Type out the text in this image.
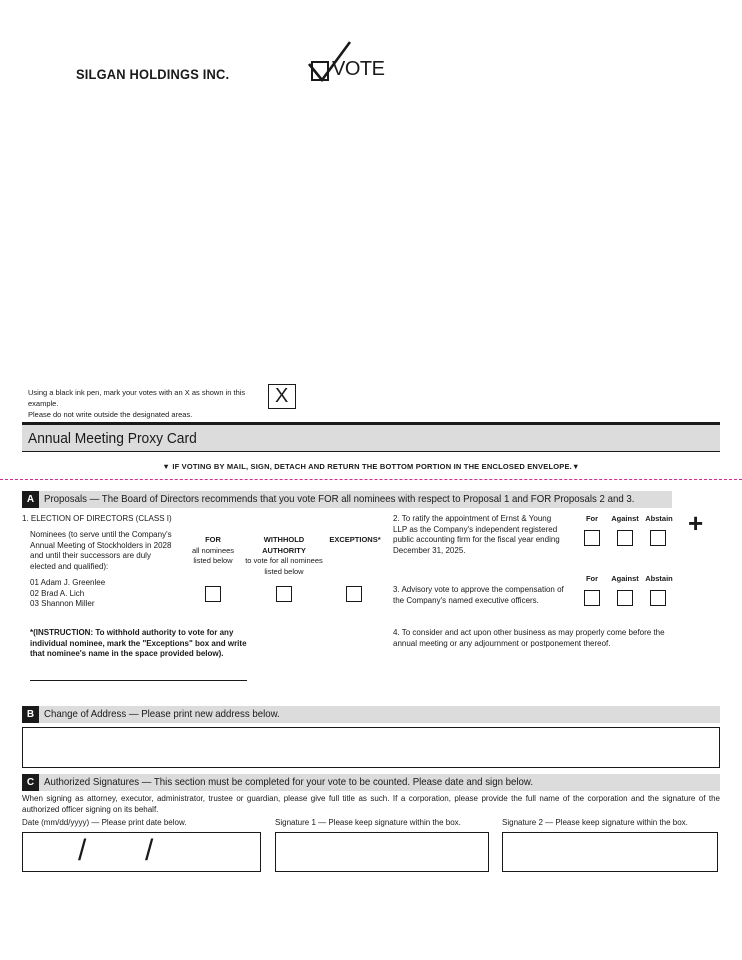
SILGAN HOLDINGS INC.	VOTE
Using a black ink pen, mark your votes with an X as shown in this example.
Please do not write outside the designated areas.
X
Annual Meeting Proxy Card
▼ IF VOTING BY MAIL, SIGN, DETACH AND RETURN THE BOTTOM PORTION IN THE ENCLOSED ENVELOPE.▼
+
A Proposals — The Board of Directors recommends that you vote FOR all nominees with respect to Proposal 1 and FOR Proposals 2 and 3.
1. ELECTION OF DIRECTORS (CLASS I)
Nominees (to serve until the Company's Annual Meeting of Stockholders in 2028 and until their successors are duly elected and qualified):
01 Adam J. Greenlee
02 Brad A. Lich
03 Shannon Miller
FOR
all nominees listed below
WITHHOLD AUTHORITY
to vote for all nominees listed below
EXCEPTIONS*
*(INSTRUCTION: To withhold authority to vote for any individual nominee, mark the "Exceptions" box and write that nominee's name in the space provided below).
2. To ratify the appointment of Ernst & Young LLP as the Company's independent registered public accounting firm for the fiscal year ending December 31, 2025.
For	Against Abstain
3. Advisory vote to approve the compensation of the Company's named executive officers.
For	Against Abstain
4. To consider and act upon other business as may properly come before the annual meeting or any adjournment or postponement thereof.
B Change of Address — Please print new address below.
C Authorized Signatures — This section must be completed for your vote to be counted. Please date and sign below.
When signing as attorney, executor, administrator, trustee or guardian, please give full title as such. If a corporation, please provide the full name of the corporation and the signature of the authorized officer signing on its behalf.
Date (mm/dd/yyyy) — Please print date below.	Signature 1 — Please keep signature within the box.	Signature 2 — Please keep signature within the box.
/ /
